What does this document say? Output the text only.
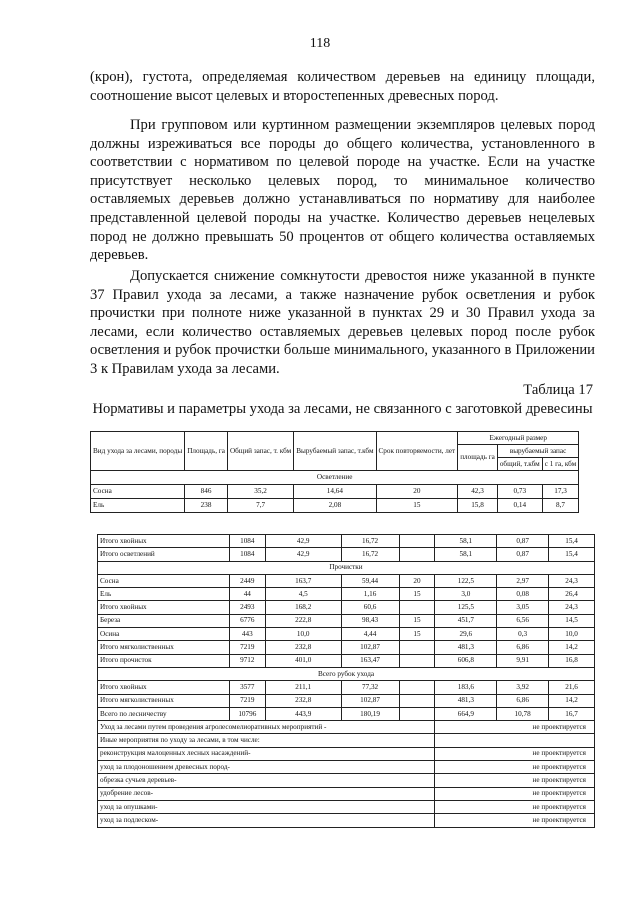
118

(крон), густота, определяемая количеством деревьев на единицу площади, соотношение высот целевых и второстепенных древесных пород.

При групповом или куртинном размещении экземпляров целевых пород должны изреживаться все породы до общего количества, установленного в соответствии с нормативом по целевой породе на участке. Если на участке присутствует несколько целевых пород, то минимальное количество оставляемых деревьев должно устанавливаться по нормативу для наиболее представленной целевой породы на участке. Количество деревьев нецелевых пород не должно превышать 50 процентов от общего количества оставляемых деревьев.

Допускается снижение сомкнутости древостоя ниже указанной в пункте 37 Правил ухода за лесами, а также назначение рубок осветления и рубок прочистки при полноте ниже указанной в пунктах 29 и 30 Правил ухода за лесами, если количество оставляемых деревьев целевых пород после рубок осветления и рубок прочистки больше минимального, указанного в Приложении 3 к Правилам ухода за лесами.

Таблица 17
Нормативы и параметры ухода за лесами, не связанного с заготовкой древесины
Вид ухода за лесами, породы	Площадь, га	Общий запас, т. кбм	Вырубаемый запас, т.кбм	Срок повторяемости, лет	Ежегодный размер		
					площадь га	вырубаемый запас	
						общий, т.кбм	с 1 га, кбм
Осветление							
Сосна	846	35,2	14,64	20	42,3	0,73	17,3
Ель	238	7,7	2,08	15	15,8	0,14	8,7
Итого хвойных	1084	42,9	16,72		58,1	0,87	15,4
Итого осветлений	1084	42,9	16,72		58,1	0,87	15,4
Прочистки							
Сосна	2449	163,7	59,44	20	122,5	2,97	24,3
Ель	44	4,5	1,16	15	3,0	0,08	26,4
Итого хвойных	2493	168,2	60,6		125,5	3,05	24,3
Береза	6776	222,8	98,43	15	451,7	6,56	14,5
Осина	443	10,0	4,44	15	29,6	0,3	10,0
Итого мягколиственных	7219	232,8	102,87		481,3	6,86	14,2
Итого прочисток	9712	401,0	163,47		606,8	9,91	16,8
Всего рубок ухода							
Итого хвойных	3577	211,1	77,32		183,6	3,92	21,6
Итого мягколиственных	7219	232,8	102,87		481,3	6,86	14,2
Всего по лесничеству	10796	443,9	180,19		664,9	10,78	16,7
Уход за лесами путем проведения агролесомелиоративных мероприятий -					не проектируется		
Иные мероприятия по уходу за лесами, в том числе:							
реконструкция малоценных лесных насаждений-					не проектируется		
уход за плодоношением древесных пород-					не проектируется		
обрезка сучьев деревьев-					не проектируется		
удобрение лесов-					не проектируется		
уход за опушками-					не проектируется		
уход за подлеском-					не проектируется		
